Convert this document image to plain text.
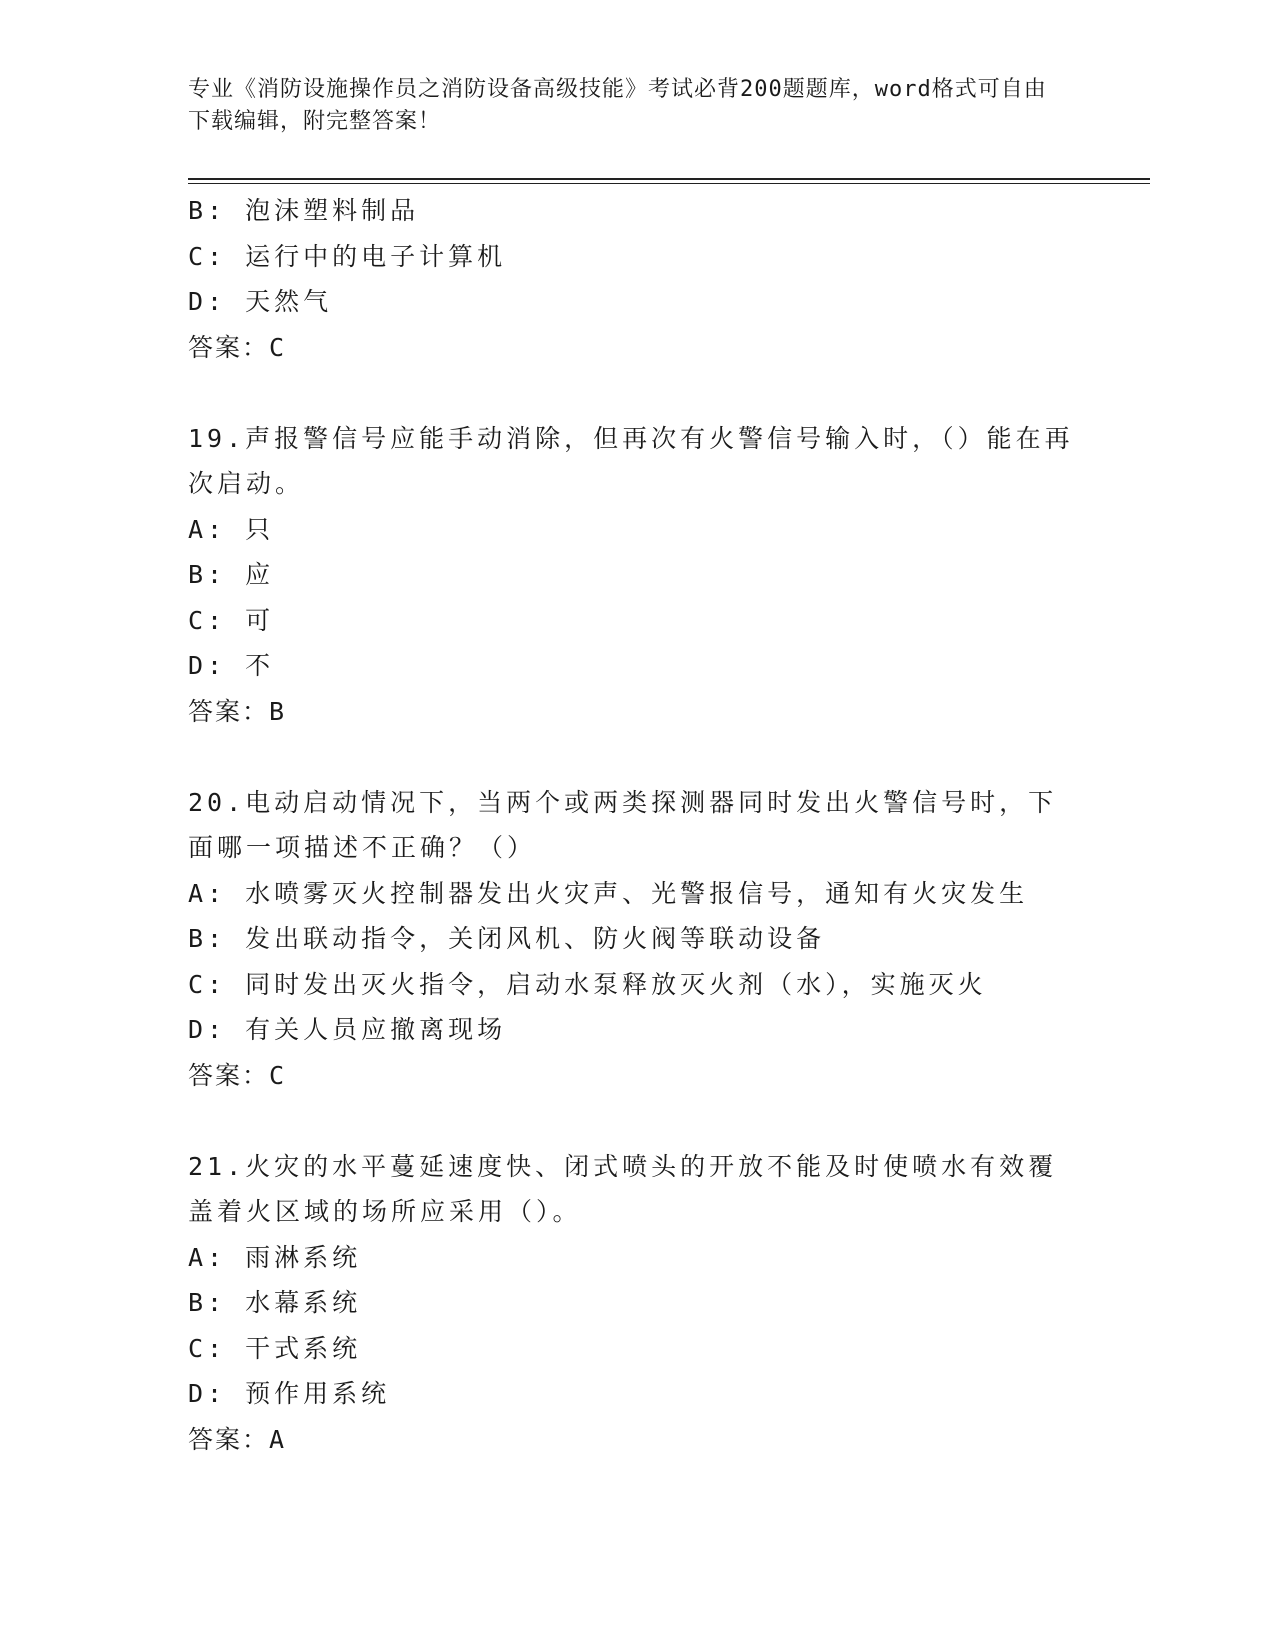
专业《消防设施操作员之消防设备高级技能》考试必背200题题库，word格式可自由下载编辑，附完整答案！
B: 泡沫塑料制品
C: 运行中的电子计算机
D: 天然气
答案：C
19.声报警信号应能手动消除，但再次有火警信号输入时，（）能在再次启动。
A: 只
B: 应
C: 可
D: 不
答案：B
20.电动启动情况下，当两个或两类探测器同时发出火警信号时，下面哪一项描述不正确？（）
A: 水喷雾灭火控制器发出火灾声、光警报信号，通知有火灾发生
B: 发出联动指令，关闭风机、防火阀等联动设备
C: 同时发出灭火指令，启动水泵释放灭火剂（水），实施灭火
D: 有关人员应撤离现场
答案：C
21.火灾的水平蔓延速度快、闭式喷头的开放不能及时使喷水有效覆盖着火区域的场所应采用（）。
A: 雨淋系统
B: 水幕系统
C: 干式系统
D: 预作用系统
答案：A
